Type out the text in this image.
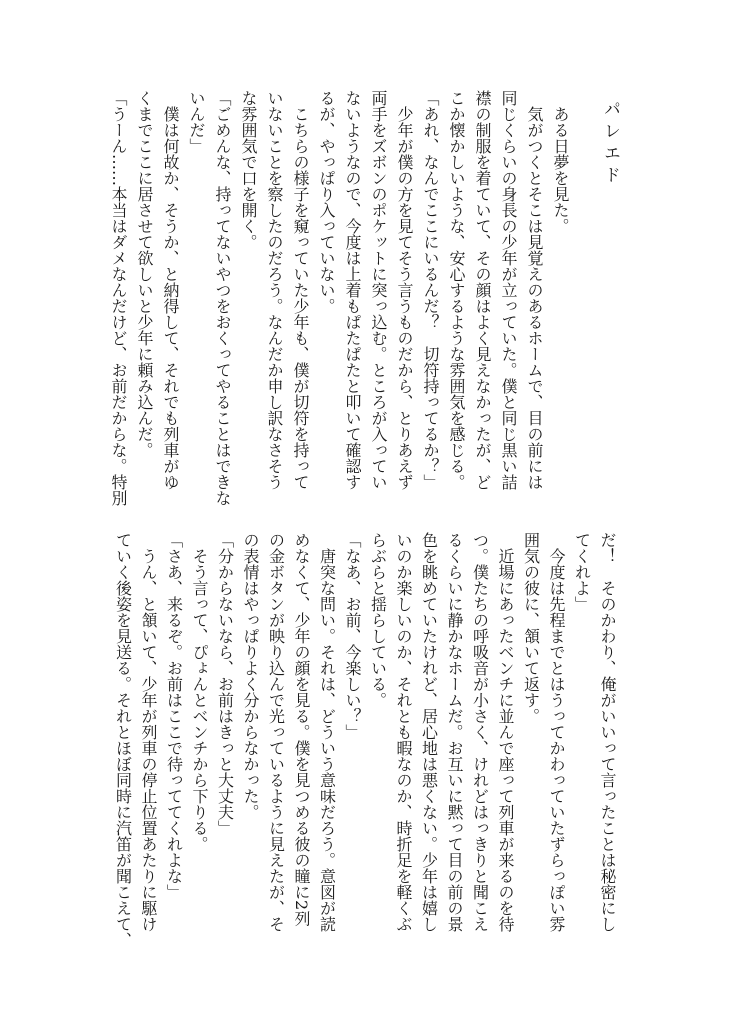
パレエド
　ある日夢を見た。
　気がつくとそこは見覚えのあるホームで、目の前には
同じくらいの身長の少年が立っていた。僕と同じ黒い詰
襟の制服を着ていて、その顔はよく見えなかったが、ど
こか懐かしいような、安心するような雰囲気を感じる。
「あれ、なんでここにいるんだ？　切符持ってるか？」
　少年が僕の方を見てそう言うものだから、とりあえず
両手をズボンのポケットに突っ込む。ところが入ってい
ないようなので、今度は上着もぱたぱたと叩いて確認す
るが、やっぱり入っていない。
　こちらの様子を窺っていた少年も、僕が切符を持って
いないことを察したのだろう。なんだか申し訳なさそう
な雰囲気で口を開く。
「ごめんな、持ってないやつをおくってやることはできな
いんだ」
　僕は何故か、そうか、と納得して、それでも列車がゆ
くまでここに居させて欲しいと少年に頼み込んだ。
「うーん……本当はダメなんだけど、お前だからな。特別
だ！　そのかわり、俺がいいって言ったことは秘密にし
てくれよ」
　今度は先程までとはうってかわっていたずらっぽい雰
囲気の彼に、頷いて返す。
　近場にあったベンチに並んで座って列車が来るのを待
つ。僕たちの呼吸音が小さく、けれどはっきりと聞こえ
るくらいに静かなホームだ。お互いに黙って目の前の景
色を眺めていたけれど、居心地は悪くない。少年は嬉し
いのか楽しいのか、それとも暇なのか、時折足を軽くぶ
らぶらと揺らしている。
「なあ、お前、今楽しい？」
　唐突な問い。それは、どういう意味だろう。意図が読
めなくて、少年の顔を見る。僕を見つめる彼の瞳に2列
の金ボタンが映り込んで光っているように見えたが、そ
の表情はやっぱりよく分からなかった。
「分からないなら、お前はきっと大丈夫」
　そう言って、ぴょんとベンチから下りる。
「さあ、来るぞ。お前はここで待っててくれよな」
　うん、と頷いて、少年が列車の停止位置あたりに駆け
ていく後姿を見送る。それとほぼ同時に汽笛が聞こえて、
